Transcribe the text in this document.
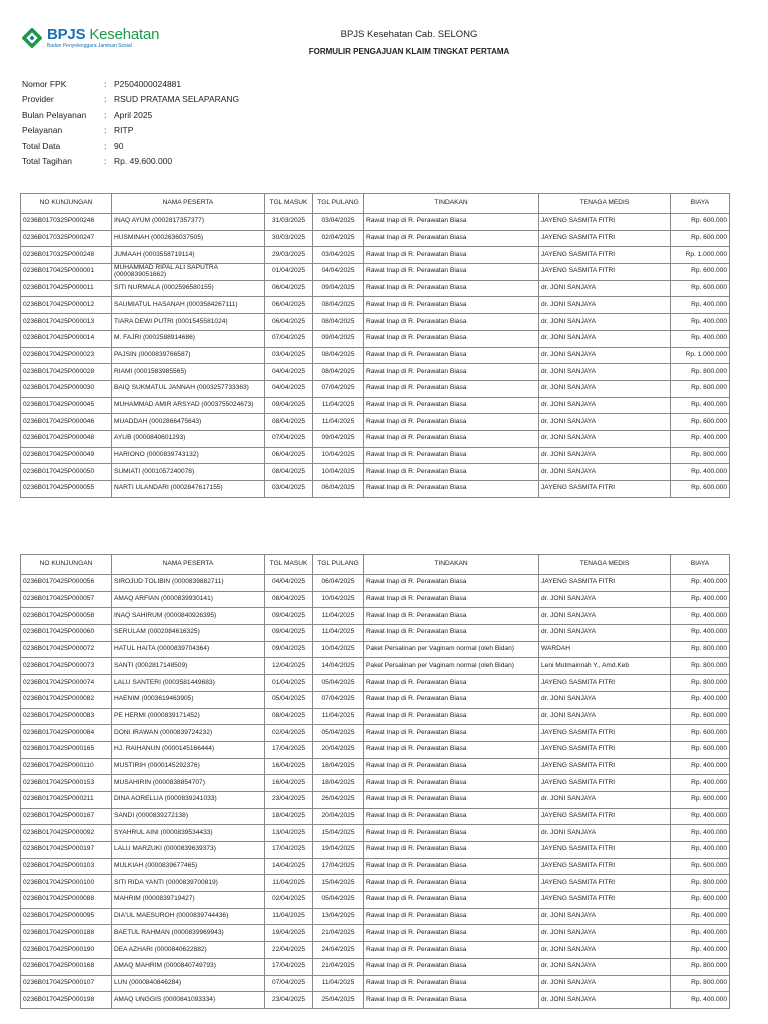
BPJS Kesehatan
Badan Penyelenggara Jaminan Sosial
BPJS Kesehatan Cab. SELONG
FORMULIR PENGAJUAN KLAIM TINGKAT PERTAMA
Nomor FPK	: P2504000024881
Provider	: RSUD PRATAMA SELAPARANG
Bulan Pelayanan	: April 2025
Pelayanan	: RITP
Total Data	: 90
Total Tagihan	: Rp. 49.600.000
NO KUNJUNGAN	NAMA PESERTA	TGL MASUK	TGL PULANG	TINDAKAN	TENAGA MEDIS	BIAYA
0236B0170325P000246	INAQ AYUM (0002817357377)	31/03/2025	03/04/2025	Rawat Inap di R. Perawatan Biasa	JAYENG SASMITA FITRI	Rp. 600.000
0236B0170325P000247	HUSMINAH (0002636037505)	30/03/2025	02/04/2025	Rawat Inap di R. Perawatan Biasa	JAYENG SASMITA FITRI	Rp. 600.000
0236B0170325P000248	JUMAAH (0003558719114)	29/03/2025	03/04/2025	Rawat Inap di R. Perawatan Biasa	JAYENG SASMITA FITRI	Rp. 1.000.000
0236B0170425P000001	MUHAMMAD RIPAL ALI SAPUTRA (0000839051662)	01/04/2025	04/04/2025	Rawat Inap di R. Perawatan Biasa	JAYENG SASMITA FITRI	Rp. 600.000
0236B0170425P000011	SITI NURMALA (0002596580155)	06/04/2025	09/04/2025	Rawat Inap di R. Perawatan Biasa	dr. JONI SANJAYA	Rp. 600.000
0236B0170425P000012	SAUMIATUL HASANAH (0003584267111)	06/04/2025	08/04/2025	Rawat Inap di R. Perawatan Biasa	dr. JONI SANJAYA	Rp. 400.000
0236B0170425P000013	TIARA DEWI PUTRI (0001545581024)	06/04/2025	08/04/2025	Rawat Inap di R. Perawatan Biasa	dr. JONI SANJAYA	Rp. 400.000
0236B0170425P000014	M. FAJRI (0002588914686)	07/04/2025	09/04/2025	Rawat Inap di R. Perawatan Biasa	dr. JONI SANJAYA	Rp. 400.000
0236B0170425P000023	PAJSIN (0000839766587)	03/04/2025	08/04/2025	Rawat Inap di R. Perawatan Biasa	dr. JONI SANJAYA	Rp. 1.000.000
0236B0170425P000028	RIAMI (0001583985565)	04/04/2025	08/04/2025	Rawat Inap di R. Perawatan Biasa	dr. JONI SANJAYA	Rp. 800.000
0236B0170425P000030	BAIQ SUKMATUL JANNAH (0003257733363)	04/04/2025	07/04/2025	Rawat Inap di R. Perawatan Biasa	dr. JONI SANJAYA	Rp. 600.000
0236B0170425P000045	MUHAMMAD AMIR ARSYAD (0003755024673)	09/04/2025	11/04/2025	Rawat Inap di R. Perawatan Biasa	dr. JONI SANJAYA	Rp. 400.000
0236B0170425P000046	MUADDAH (0002866475643)	08/04/2025	11/04/2025	Rawat Inap di R. Perawatan Biasa	dr. JONI SANJAYA	Rp. 600.000
0236B0170425P000048	AYUB (0000840601293)	07/04/2025	09/04/2025	Rawat Inap di R. Perawatan Biasa	dr. JONI SANJAYA	Rp. 400.000
0236B0170425P000049	HARIONO (0000839743132)	06/04/2025	10/04/2025	Rawat Inap di R. Perawatan Biasa	dr. JONI SANJAYA	Rp. 800.000
0236B0170425P000050	SUMIATI (0001057240078)	08/04/2025	10/04/2025	Rawat Inap di R. Perawatan Biasa	dr. JONI SANJAYA	Rp. 400.000
0236B0170425P000055	NARTI ULANDARI (0002847617155)	03/04/2025	06/04/2025	Rawat Inap di R. Perawatan Biasa	JAYENG SASMITA FITRI	Rp. 600.000
NO KUNJUNGAN	NAMA PESERTA	TGL MASUK	TGL PULANG	TINDAKAN	TENAGA MEDIS	BIAYA
0236B0170425P000056	SIROJUD TOLIBIN (0000839882711)	04/04/2025	06/04/2025	Rawat Inap di R. Perawatan Biasa	JAYENG SASMITA FITRI	Rp. 400.000
0236B0170425P000057	AMAQ ARFIAN (0000839930141)	08/04/2025	10/04/2025	Rawat Inap di R. Perawatan Biasa	dr. JONI SANJAYA	Rp. 400.000
0236B0170425P000058	INAQ SAHIRUM (0000840926395)	09/04/2025	11/04/2025	Rawat Inap di R. Perawatan Biasa	dr. JONI SANJAYA	Rp. 400.000
0236B0170425P000060	SERULAM (0002084616325)	09/04/2025	11/04/2025	Rawat Inap di R. Perawatan Biasa	dr. JONI SANJAYA	Rp. 400.000
0236B0170425P000072	HATUL HAITA (0000839704364)	09/04/2025	10/04/2025	Paket Persalinan per Vaginam normal (oleh Bidan)	WARDAH	Rp. 800.000
0236B0170425P000073	SANTI (0002817148509)	12/04/2025	14/04/2025	Paket Persalinan per Vaginam normal (oleh Bidan)	Leni Mutmainnah Y., Amd.Keb	Rp. 800.000
0236B0170425P000074	LALU SANTERI (0003581449683)	01/04/2025	05/04/2025	Rawat Inap di R. Perawatan Biasa	JAYENG SASMITA FITRI	Rp. 800.000
0236B0170425P000082	HAENIM (0003619463905)	05/04/2025	07/04/2025	Rawat Inap di R. Perawatan Biasa	dr. JONI SANJAYA	Rp. 400.000
0236B0170425P000083	PE HERMI (0000839171452)	08/04/2025	11/04/2025	Rawat Inap di R. Perawatan Biasa	dr. JONI SANJAYA	Rp. 600.000
0236B0170425P000084	DONI IRAWAN (0000839724232)	02/04/2025	05/04/2025	Rawat Inap di R. Perawatan Biasa	JAYENG SASMITA FITRI	Rp. 600.000
0236B0170425P000165	HJ. RAIHANUN (0000145166444)	17/04/2025	20/04/2025	Rawat Inap di R. Perawatan Biasa	JAYENG SASMITA FITRI	Rp. 600.000
0236B0170425P000110	MUSTIRIH (0000145292376)	16/04/2025	18/04/2025	Rawat Inap di R. Perawatan Biasa	JAYENG SASMITA FITRI	Rp. 400.000
0236B0170425P000153	MUSAHIRIN (0000838854707)	16/04/2025	18/04/2025	Rawat Inap di R. Perawatan Biasa	JAYENG SASMITA FITRI	Rp. 400.000
0236B0170425P000211	DINA AORELLIA (0000839241033)	23/04/2025	26/04/2025	Rawat Inap di R. Perawatan Biasa	dr. JONI SANJAYA	Rp. 600.000
0236B0170425P000167	SANDI (0000839272138)	18/04/2025	20/04/2025	Rawat Inap di R. Perawatan Biasa	JAYENG SASMITA FITRI	Rp. 400.000
0236B0170425P000092	SYAHRUL AINI (0000839534433)	13/04/2025	15/04/2025	Rawat Inap di R. Perawatan Biasa	dr. JONI SANJAYA	Rp. 400.000
0236B0170425P000197	LALU MARZUKI (0000839639373)	17/04/2025	19/04/2025	Rawat Inap di R. Perawatan Biasa	JAYENG SASMITA FITRI	Rp. 400.000
0236B0170425P000103	MULKIAH (0000839677465)	14/04/2025	17/04/2025	Rawat Inap di R. Perawatan Biasa	JAYENG SASMITA FITRI	Rp. 600.000
0236B0170425P000100	SITI RIDA YANTI (0000839700819)	11/04/2025	15/04/2025	Rawat Inap di R. Perawatan Biasa	JAYENG SASMITA FITRI	Rp. 800.000
0236B0170425P000088	MAHRIM (0000839719427)	02/04/2025	05/04/2025	Rawat Inap di R. Perawatan Biasa	JAYENG SASMITA FITRI	Rp. 600.000
0236B0170425P000095	DIA'UL MAESUROH (0000839744436)	11/04/2025	13/04/2025	Rawat Inap di R. Perawatan Biasa	dr. JONI SANJAYA	Rp. 400.000
0236B0170425P000188	BAETUL RAHMAN (0000839969943)	19/04/2025	21/04/2025	Rawat Inap di R. Perawatan Biasa	dr. JONI SANJAYA	Rp. 400.000
0236B0170425P000190	DEA AZHARI (0000840622882)	22/04/2025	24/04/2025	Rawat Inap di R. Perawatan Biasa	dr. JONI SANJAYA	Rp. 400.000
0236B0170425P000168	AMAQ MAHRIM (0000840749793)	17/04/2025	21/04/2025	Rawat Inap di R. Perawatan Biasa	dr. JONI SANJAYA	Rp. 800.000
0236B0170425P000107	LUN (0000840846284)	07/04/2025	11/04/2025	Rawat Inap di R. Perawatan Biasa	dr. JONI SANJAYA	Rp. 800.000
0236B0170425P000198	AMAQ UNGGIS (0000841093334)	23/04/2025	25/04/2025	Rawat Inap di R. Perawatan Biasa	dr. JONI SANJAYA	Rp. 400.000
